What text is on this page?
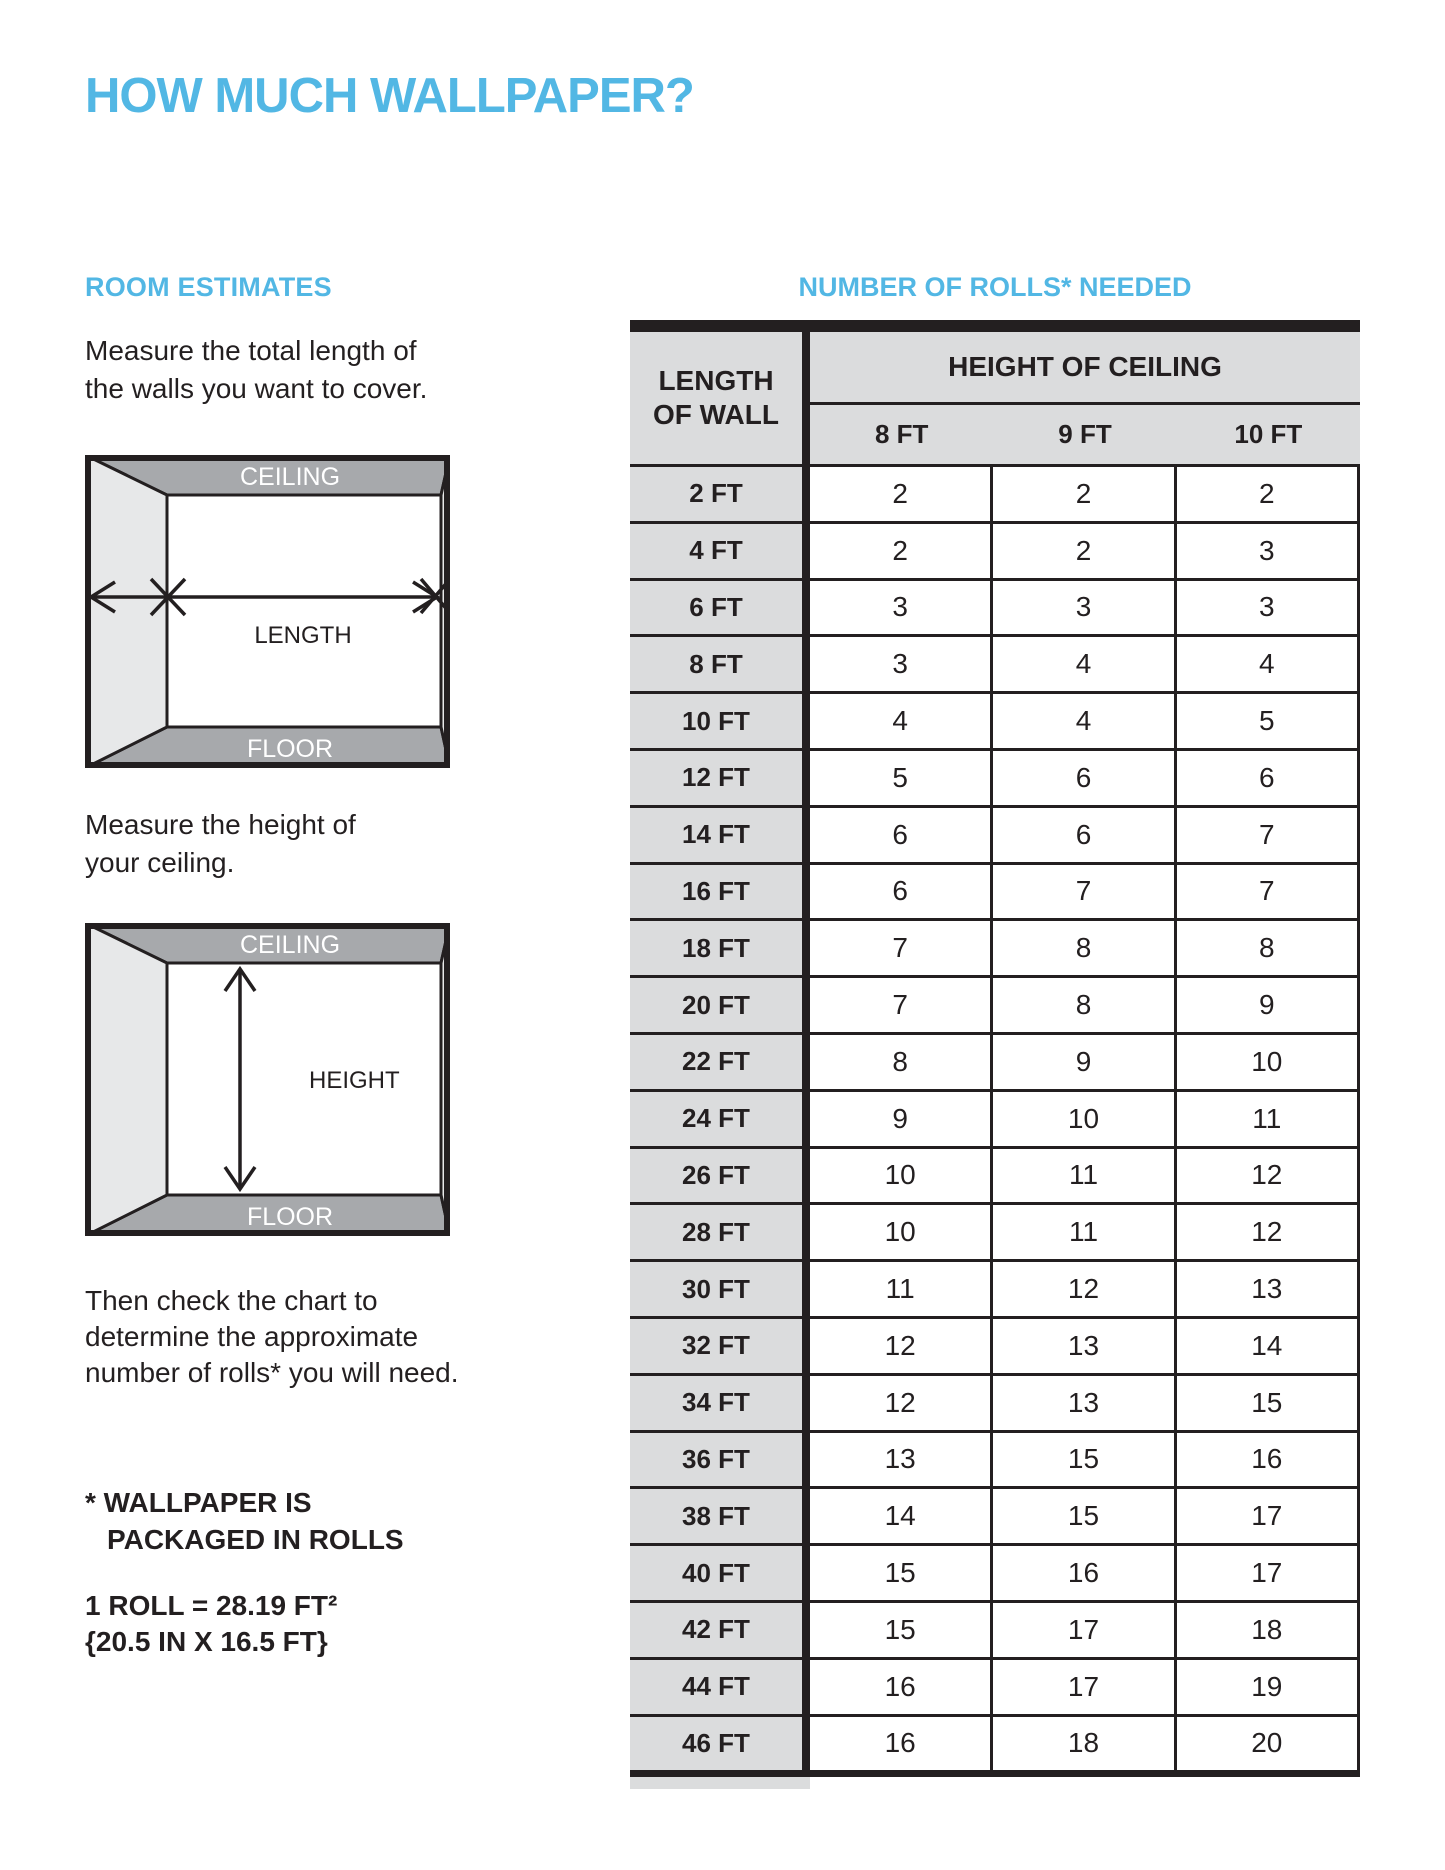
HOW MUCH WALLPAPER?
ROOM ESTIMATES
Measure the total length of
the walls you want to cover.
CEILING
FLOOR
LENGTH
Measure the height of
your ceiling.
CEILING
FLOOR
HEIGHT
Then check the chart to
determine the approximate
number of rolls* you will need.
* WALLPAPER IS
PACKAGED IN ROLLS
1 ROLL = 28.19 FT²
{20.5 IN X 16.5 FT}
NUMBER OF ROLLS* NEEDED
LENGTH
OF WALL
HEIGHT OF CEILING
8 FT	9 FT	10 FT
2 FT	2	2	2
4 FT	2	2	3
6 FT	3	3	3
8 FT	3	4	4
10 FT	4	4	5
12 FT	5	6	6
14 FT	6	6	7
16 FT	6	7	7
18 FT	7	8	8
20 FT	7	8	9
22 FT	8	9	10
24 FT	9	10	11
26 FT	10	11	12
28 FT	10	11	12
30 FT	11	12	13
32 FT	12	13	14
34 FT	12	13	15
36 FT	13	15	16
38 FT	14	15	17
40 FT	15	16	17
42 FT	15	17	18
44 FT	16	17	19
46 FT	16	18	20
